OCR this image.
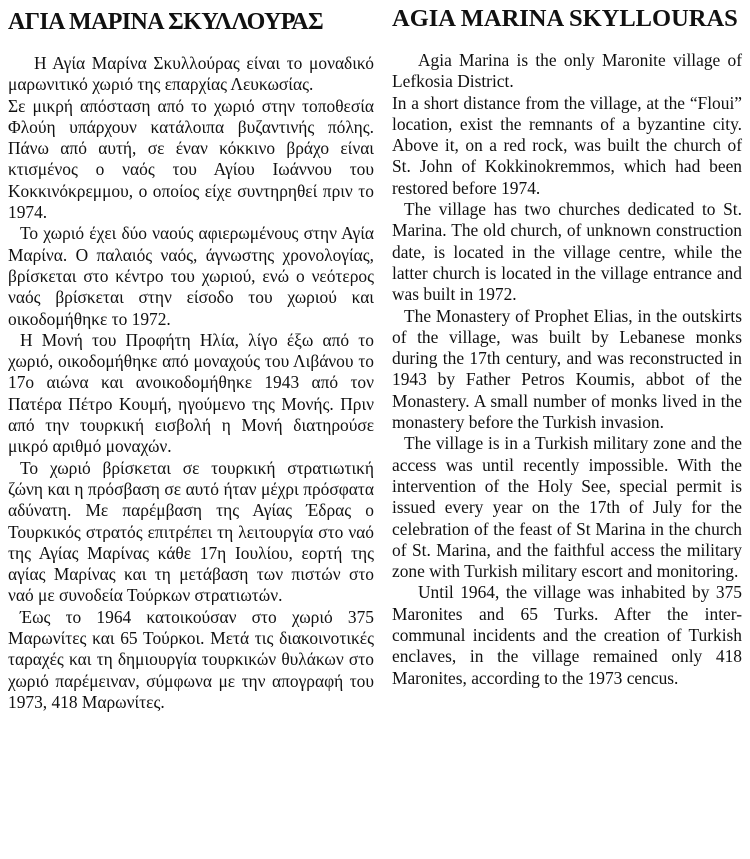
ΑΓΙΑ ΜΑΡΙΝΑ ΣΚΥΛΛΟΥΡΑΣ

Η Αγία Μαρίνα Σκυλλούρας είναι το μοναδικό μαρωνιτικό χωριό της επαρχίας Λευκωσίας.

Σε μικρή απόσταση από το χωριό στην τοποθεσία Φλούη υπάρχουν κατάλοιπα βυζαντινής πόλης. Πάνω από αυτή, σε έναν κόκκινο βράχο είναι κτισμένος ο ναός του Αγίου Ιωάννου του Κοκκινόκρεμμου, ο οποίος είχε συντηρηθεί πριν το 1974.

Το χωριό έχει δύο ναούς αφιερωμένους στην Αγία Μαρίνα. Ο παλαιός ναός, άγνωστης χρονολογίας, βρίσκεται στο κέντρο του χωριού, ενώ ο νεότερος ναός βρίσκεται στην είσοδο του χωριού και οικοδομήθηκε το 1972.

Η Μονή του Προφήτη Ηλία, λίγο έξω από το χωριό, οικοδομήθηκε από μοναχούς του Λιβάνου το 17ο αιώνα και ανοικοδομήθηκε 1943 από τον Πατέρα Πέτρο Κουμή, ηγούμενο της Μονής. Πριν από την τουρκική εισβολή η Μονή διατηρούσε μικρό αριθμό μοναχών.

Το χωριό βρίσκεται σε τουρκική στρατιωτική ζώνη και η πρόσβαση σε αυτό ήταν μέχρι πρόσφατα αδύνατη. Με παρέμβαση της Αγίας Έδρας ο Τουρκικός στρατός επιτρέπει τη λειτουργία στο ναό της Αγίας Μαρίνας κάθε 17η Ιουλίου, εορτή της αγίας Μαρίνας και τη μετάβαση των πιστών στο ναό με συνοδεία Τούρκων στρατιωτών.

Έως το 1964 κατοικούσαν στο χωριό 375 Μαρωνίτες και 65 Τούρκοι. Μετά τις διακοινοτικές ταραχές και τη δημιουργία τουρκικών θυλάκων στο χωριό παρέμειναν, σύμφωνα με την απογραφή του 1973, 418 Μαρωνίτες.

AGIA MARINA SKYLLOURAS

Agia Marina is the only Maronite village of Lefkosia District.

In a short distance from the village, at the “Floui” location, exist the remnants of a byzantine city. Above it, on a red rock, was built the church of St. John of Kokkinokremmos, which had been restored before 1974.

The village has two churches dedicated to St. Marina. The old church, of unknown construction date, is located in the village centre, while the latter church is located in the village entrance and was built in 1972.

The Monastery of Prophet Elias, in the outskirts of the village, was built by Lebanese monks during the 17th century, and was reconstructed in 1943 by Father Petros Koumis, abbot of the Monastery. A small number of monks lived in the monastery before the Turkish invasion.

The village is in a Turkish military zone and the access was until recently impossible. With the intervention of the Holy See, special permit is issued every year on the 17th of July for the celebration of the feast of St Marina in the church of St. Marina, and the faithful access the military zone with Turkish military escort and monitoring.

Until 1964, the village was inhabited by 375 Maronites and 65 Turks. After the inter-communal incidents and the creation of Turkish enclaves, in the village remained only 418 Maronites, according to the 1973 cencus.
